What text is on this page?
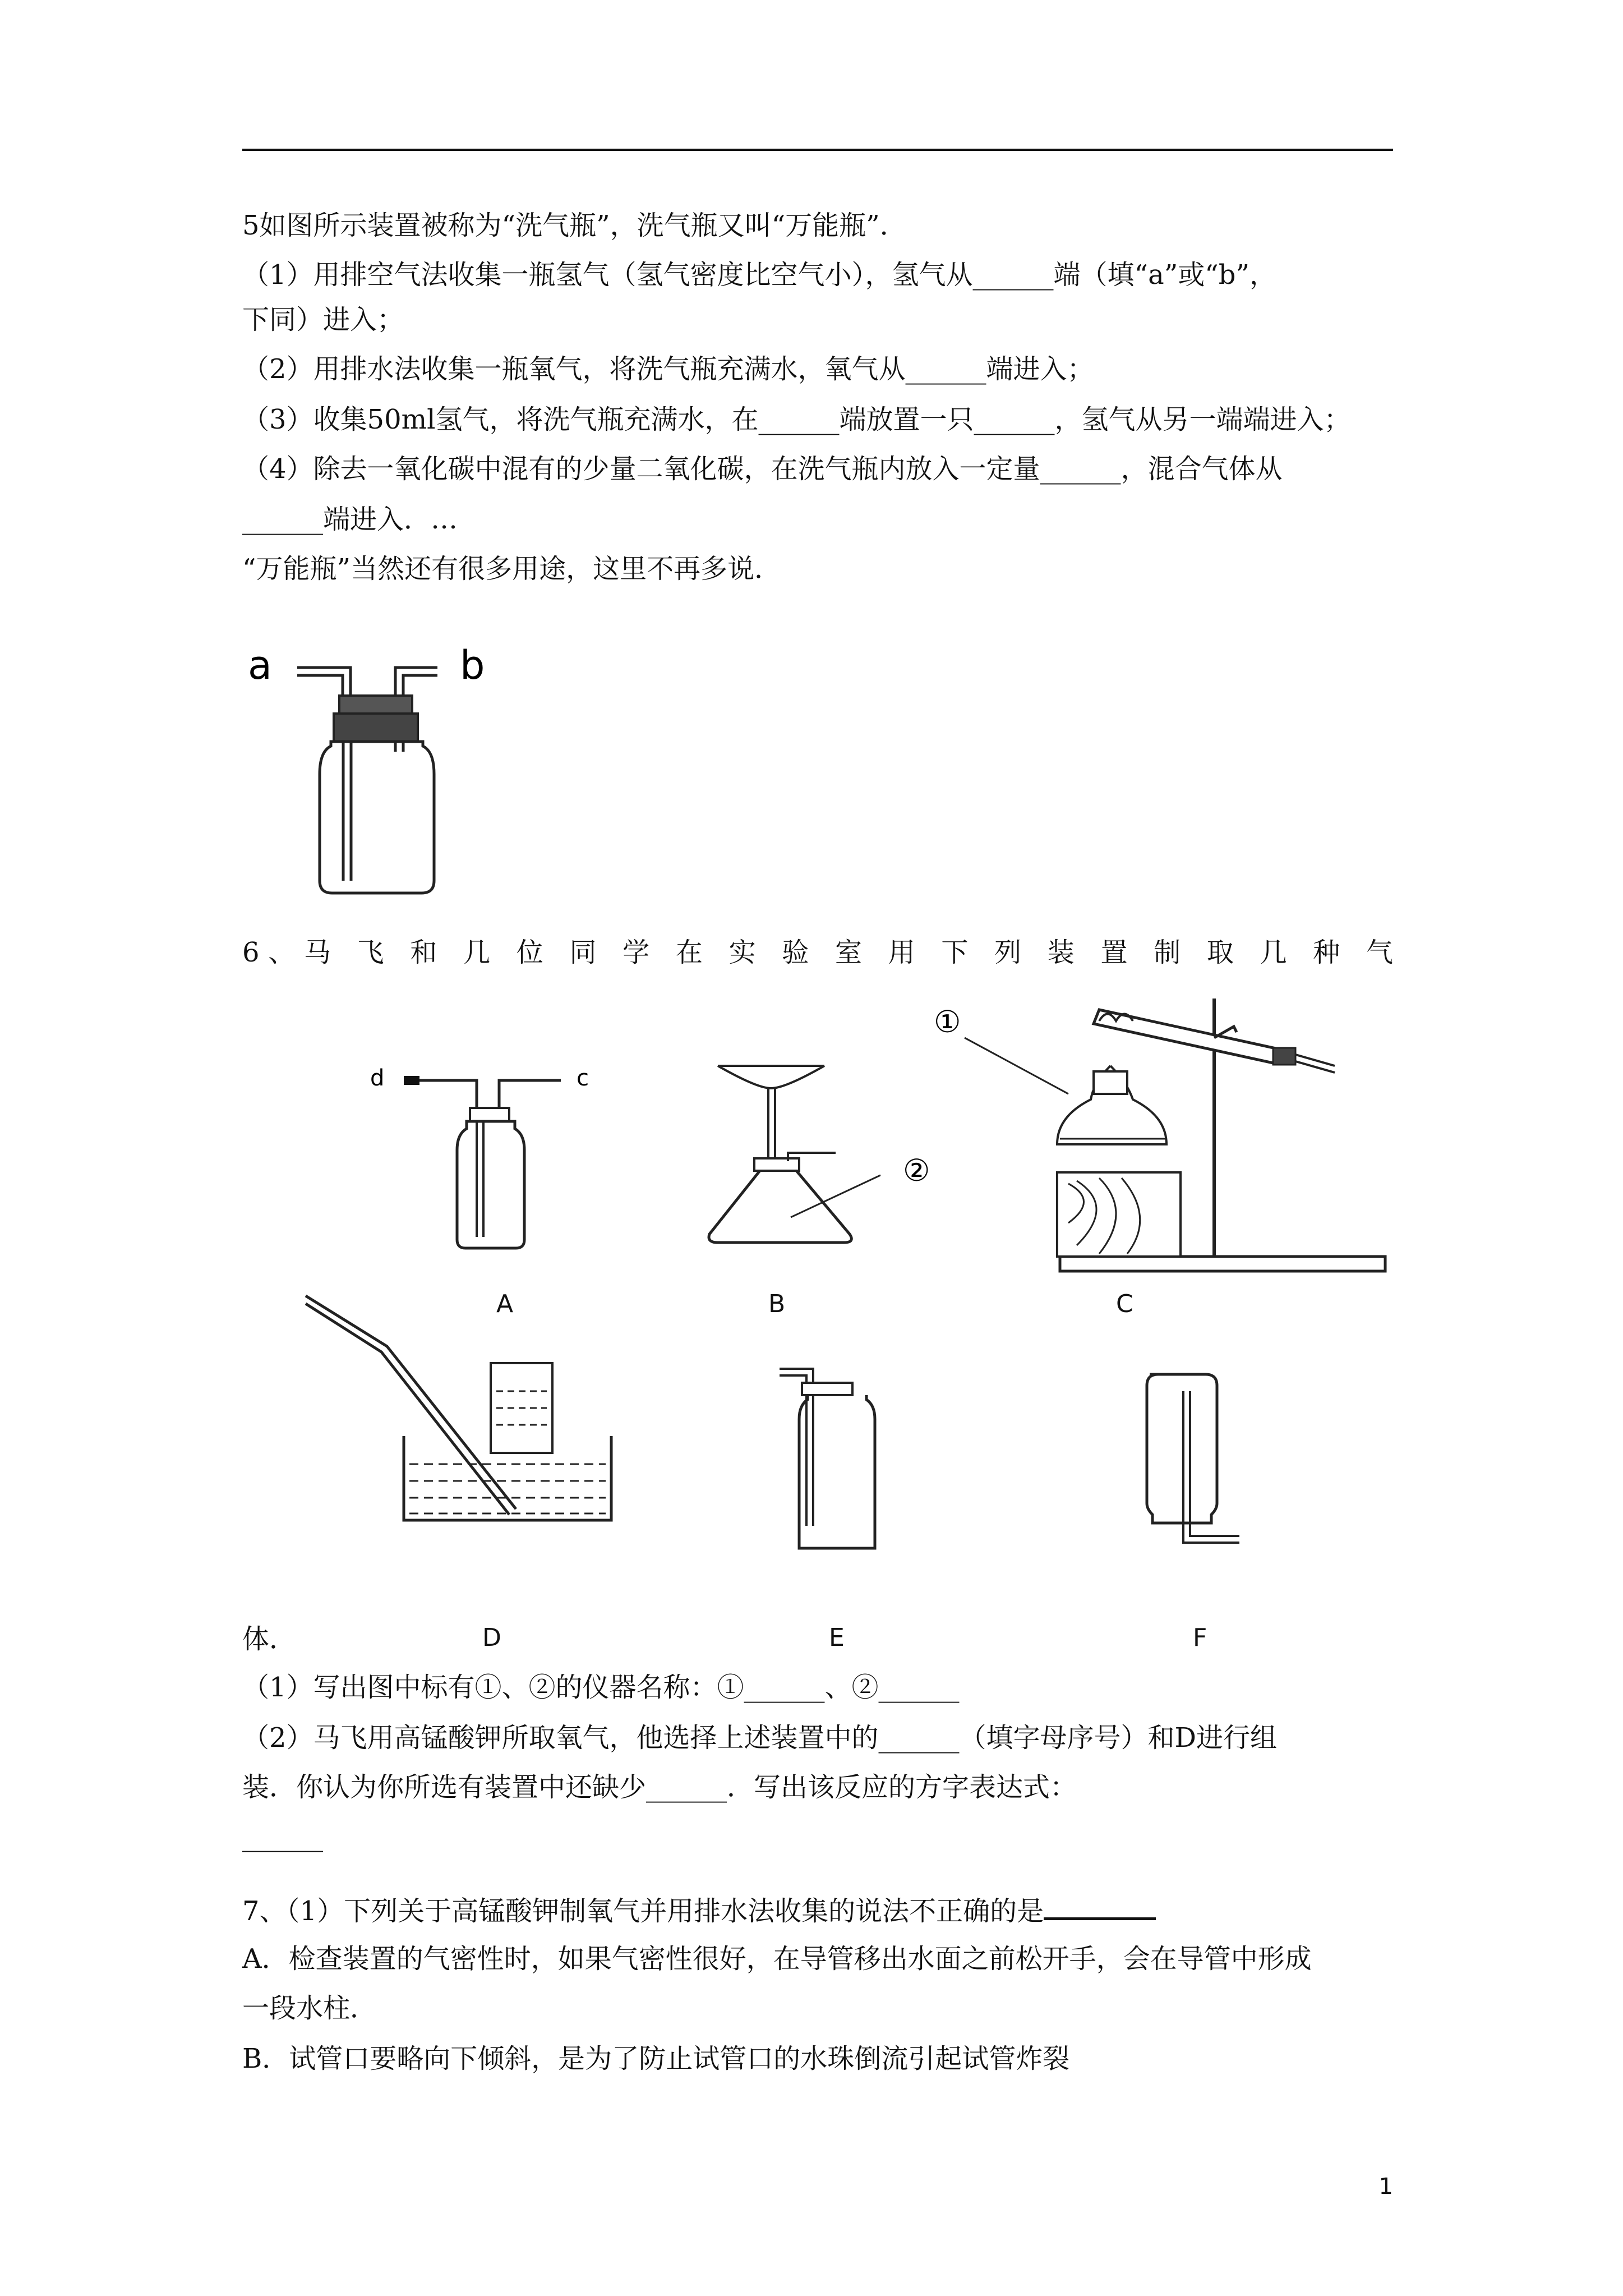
5如图所示装置被称为“洗气瓶”，洗气瓶又叫“万能瓶”．

（1）用排空气法收集一瓶氢气（氢气密度比空气小），氢气从______端（填“a”或“b”，

下同）进入；

（2）用排水法收集一瓶氧气，将洗气瓶充满水，氧气从______端进入；

（3）收集50ml氢气，将洗气瓶充满水，在______端放置一只______，氢气从另一端端进入；

（4）除去一氧化碳中混有的少量二氧化碳，在洗气瓶内放入一定量______，混合气体从

______端进入．…

“万能瓶”当然还有很多用途，这里不再多说．

a	b

6、马 飞 和 几 位 同 学 在 实 验 室 用 下 列 装 置 制 取 几 种 气

d	c
②
①
A	B	C
体．	D	E	F

（1）写出图中标有①、②的仪器名称：①______、②______

（2）马飞用高锰酸钾所取氧气，他选择上述装置中的______（填字母序号）和D进行组

装．你认为你所选有装置中还缺少______．写出该反应的方字表达式：

______

7、（1）下列关于高锰酸钾制氧气并用排水法收集的说法不正确的是

A．检查装置的气密性时，如果气密性很好，在导管移出水面之前松开手，会在导管中形成

一段水柱．

B．试管口要略向下倾斜，是为了防止试管口的水珠倒流引起试管炸裂

1
